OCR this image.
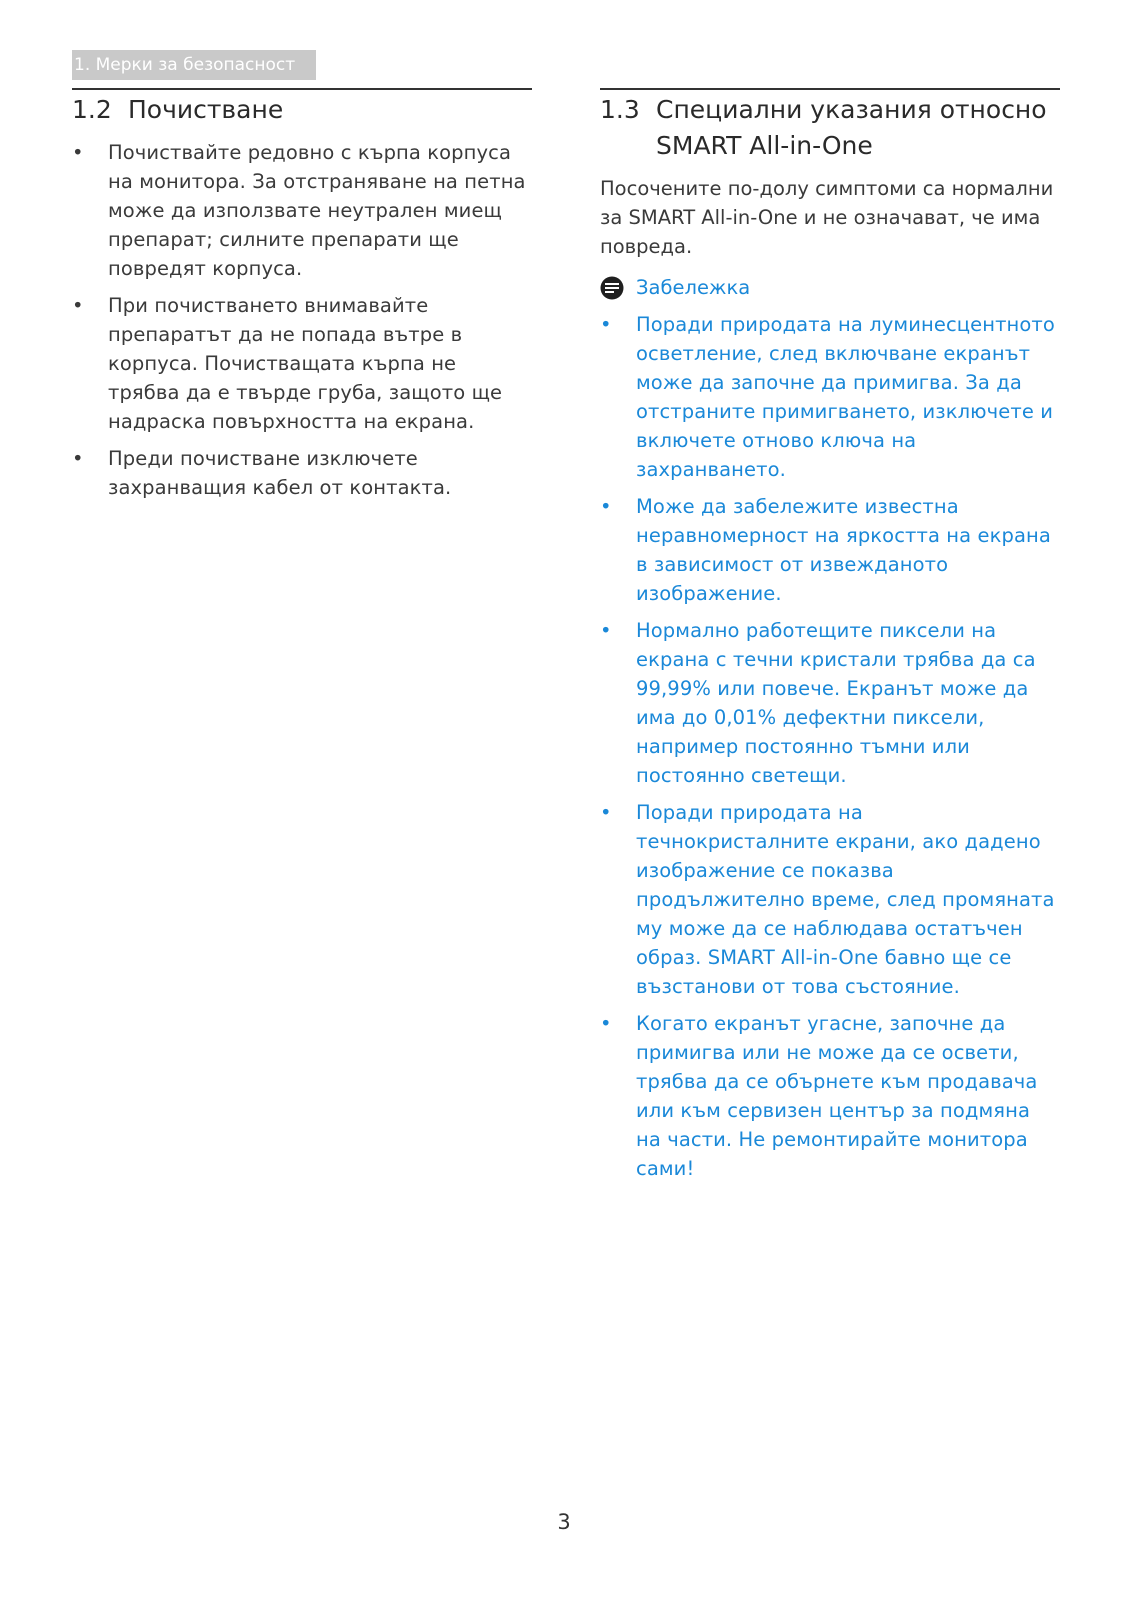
1. Мерки за безопасност
1.2 Почистване
• Почиствайте редовно с кърпа корпуса на монитора. За отстраняване на петна може да използвате неутрален миещ препарат; силните препарати ще повредят корпуса.
• При почистването внимавайте препаратът да не попада вътре в корпуса. Почистващата кърпа не трябва да е твърде груба, защото ще надраска повърхността на екрана.
• Преди почистване изключете захранващия кабел от контакта.
1.3 Специални указания относно SMART All-in-One

Посочените по-долу симптоми са нормални за SMART All-in-One и не означават, че има повреда.

Забележка
• Поради природата на луминесцентното осветление, след включване екранът може да започне да примигва. За да отстраните примигването, изключете и включете отново ключа на захранването.
• Може да забележите известна неравномерност на яркостта на екрана в зависимост от извежданото изображение.
• Нормално работещите пиксели на екрана с течни кристали трябва да са 99,99% или повече. Екранът може да има до 0,01% дефектни пиксели, например постоянно тъмни или постоянно светещи.
• Поради природата на течнокристалните екрани, ако дадено изображение се показва продължително време, след промяната му може да се наблюдава остатъчен образ. SMART All-in-One бавно ще се възстанови от това състояние.
• Когато екранът угасне, започне да примигва или не може да се освети, трябва да се обърнете към продавача или към сервизен център за подмяна на части. Не ремонтирайте монитора сами!
3
